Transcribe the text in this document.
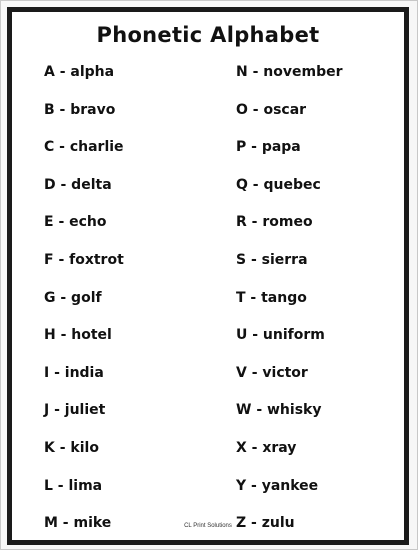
Phonetic Alphabet
A - alpha
B - bravo
C - charlie
D - delta
E - echo
F - foxtrot
G - golf
H - hotel
I - india
J - juliet
K - kilo
L - lima
M - mike
N - november
O - oscar
P - papa
Q - quebec
R - romeo
S - sierra
T - tango
U - uniform
V - victor
W - whisky
X - xray
Y - yankee
Z - zulu
CL Print Solutions
